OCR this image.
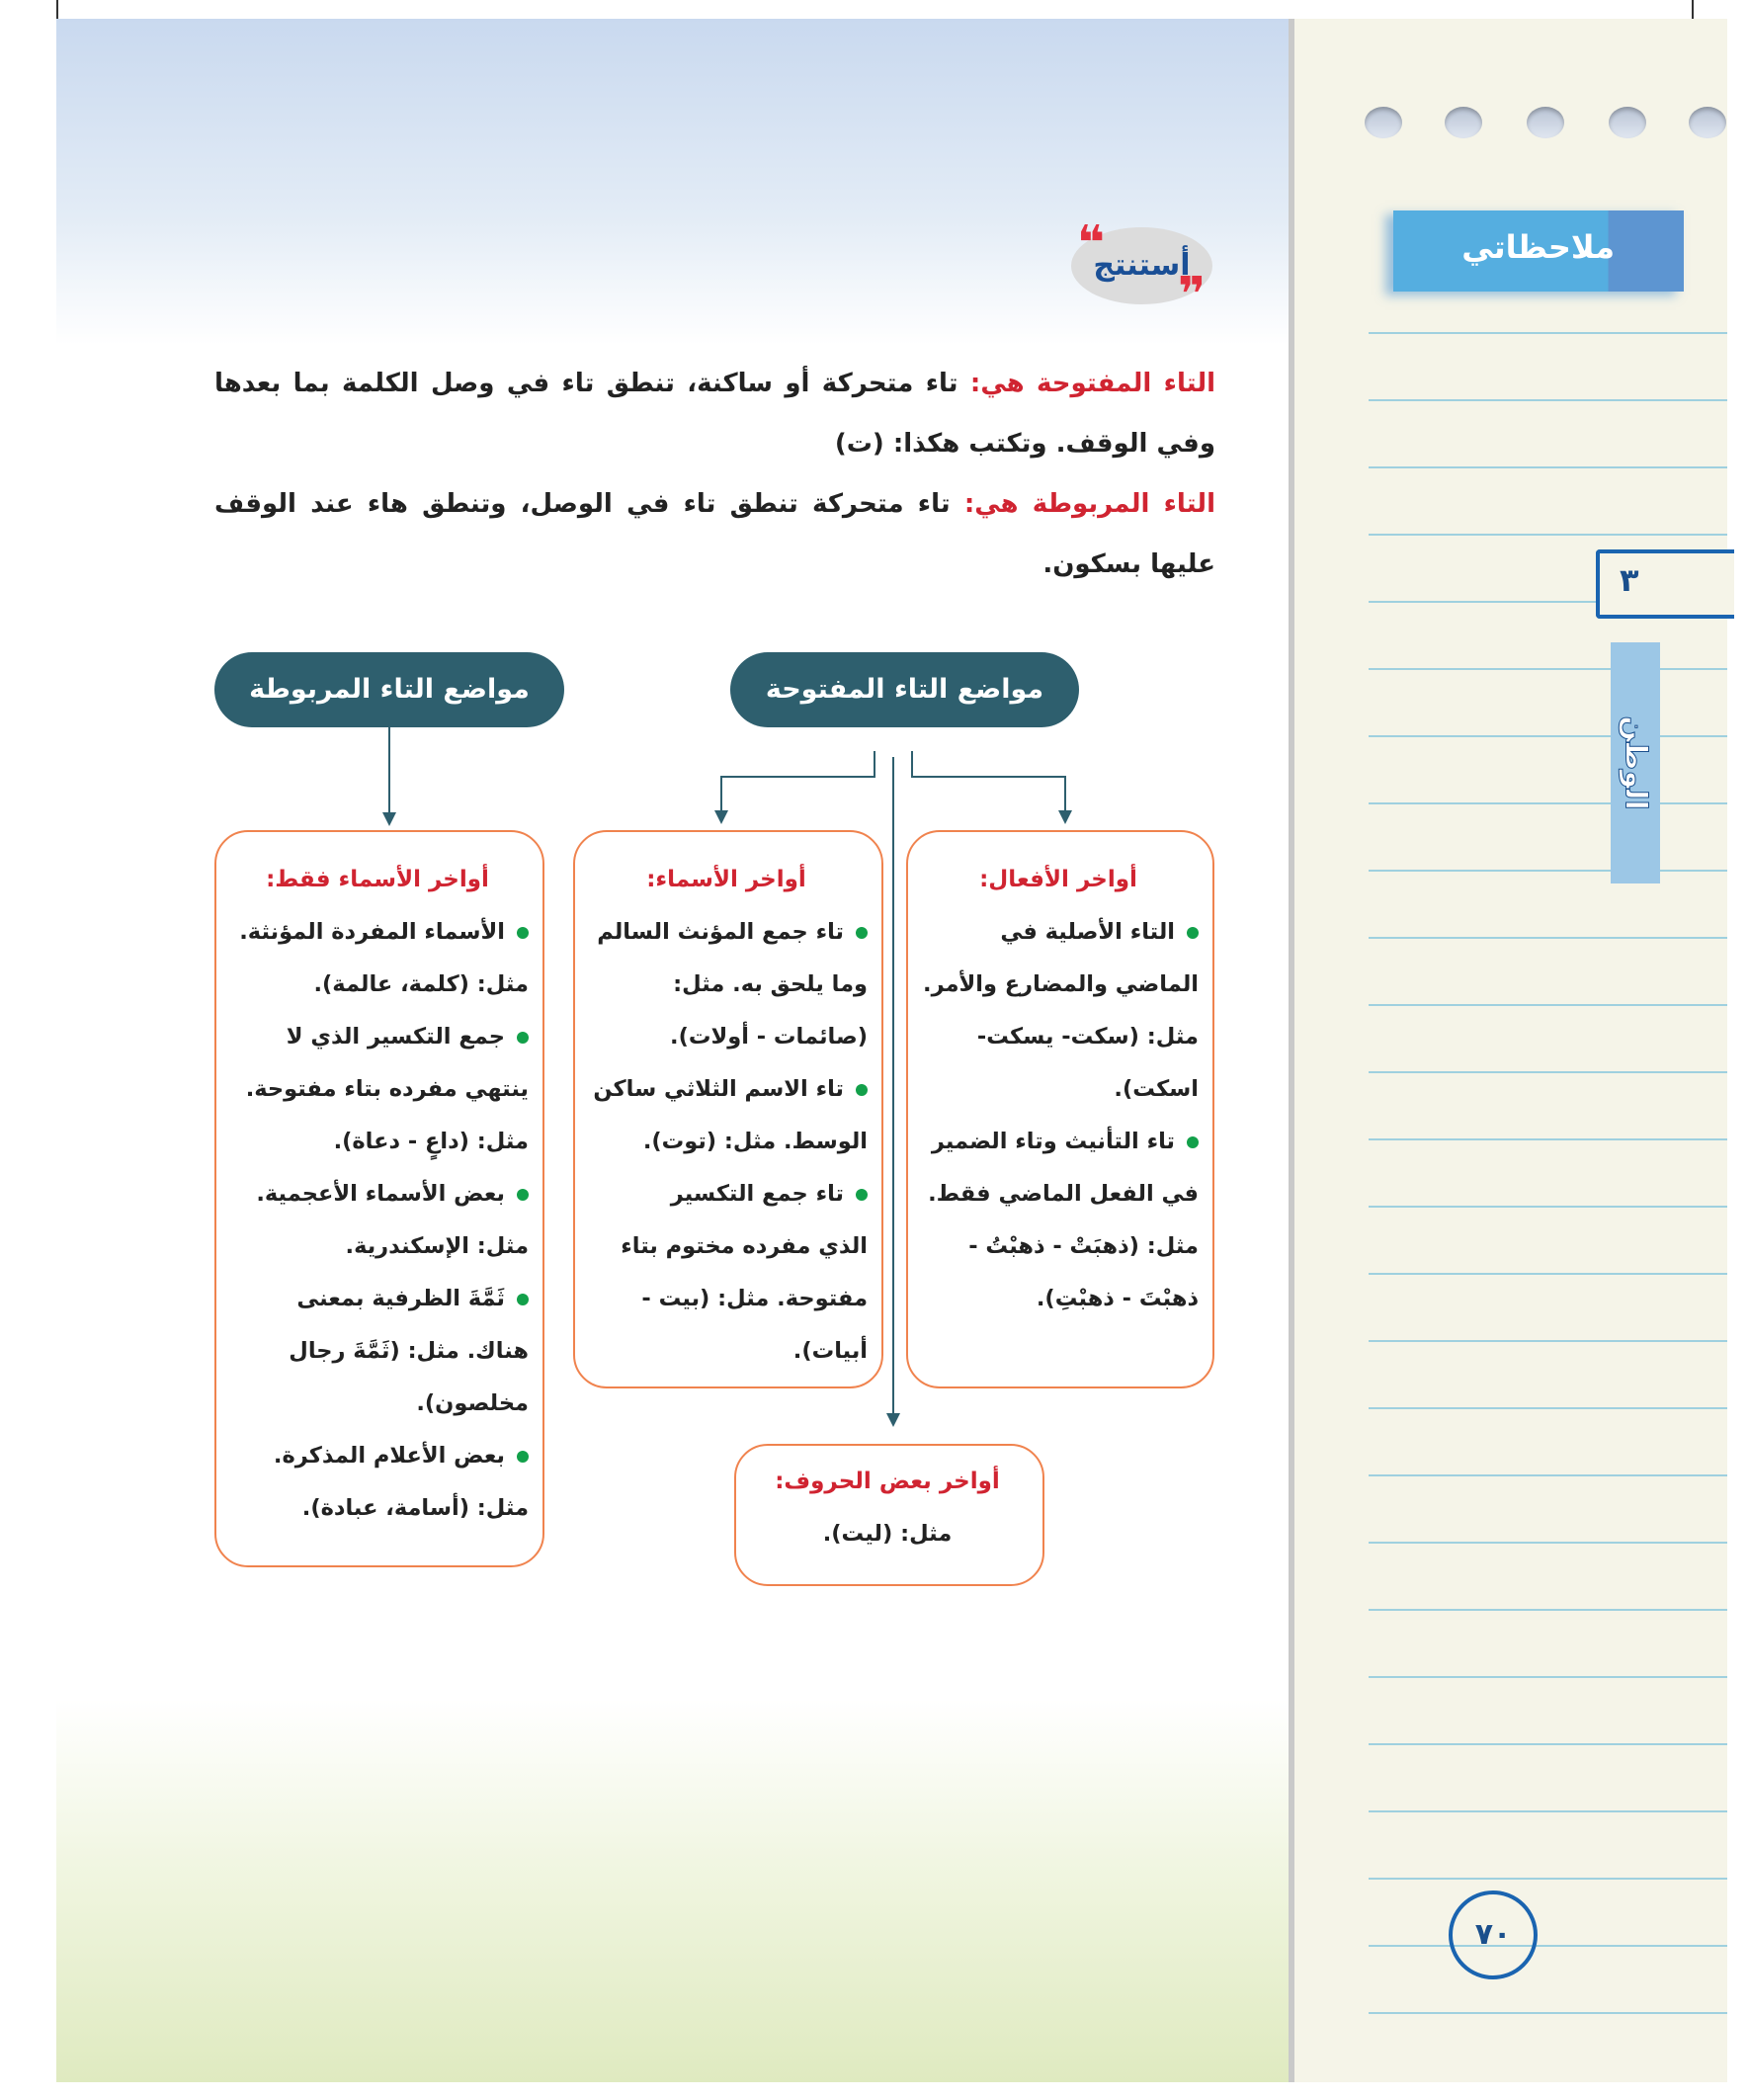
ملاحظاتي
٣
الوطن
أستنتج
❝
❞
التاء المفتوحة هي: تاء متحركة أو ساكنة، تنطق تاء في وصل الكلمة بما بعدها وفي الوقف. وتكتب هكذا: (ت)
التاء المربوطة هي: تاء متحركة تنطق تاء في الوصل، وتنطق هاء عند الوقف عليها بسكون.
مواضع التاء المفتوحة
مواضع التاء المربوطة
أواخر الأفعال:

التاء الأصلية في

الماضي والمضارع والأمر.

مثل: (سكت- يسكت-

اسكت).

تاء التأنيث وتاء الضمير

في الفعل الماضي فقط.

مثل: (ذهبَتْ - ذهبْتُ -

ذهبْتَ - ذهبْتِ).

أواخر الأسماء:

تاء جمع المؤنث السالم

وما يلحق به. مثل:

(صائمات - أولات).

تاء الاسم الثلاثي ساكن

الوسط. مثل: (توت).

تاء جمع التكسير

الذي مفرده مختوم بتاء

مفتوحة. مثل: (بيت -

أبيات).

أواخر الأسماء فقط:

الأسماء المفردة المؤنثة.

مثل: (كلمة، عالمة).

جمع التكسير الذي لا

ينتهي مفرده بتاء مفتوحة.

مثل: (داعٍ - دعاة).

بعض الأسماء الأعجمية.

مثل: الإسكندرية.

ثَمَّةَ الظرفية بمعنى

هناك. مثل: (ثَمَّةَ رجال

مخلصون).

بعض الأعلام المذكرة.

مثل: (أسامة، عبادة).

أواخر بعض الحروف:

مثل: (ليت).

٧٠
